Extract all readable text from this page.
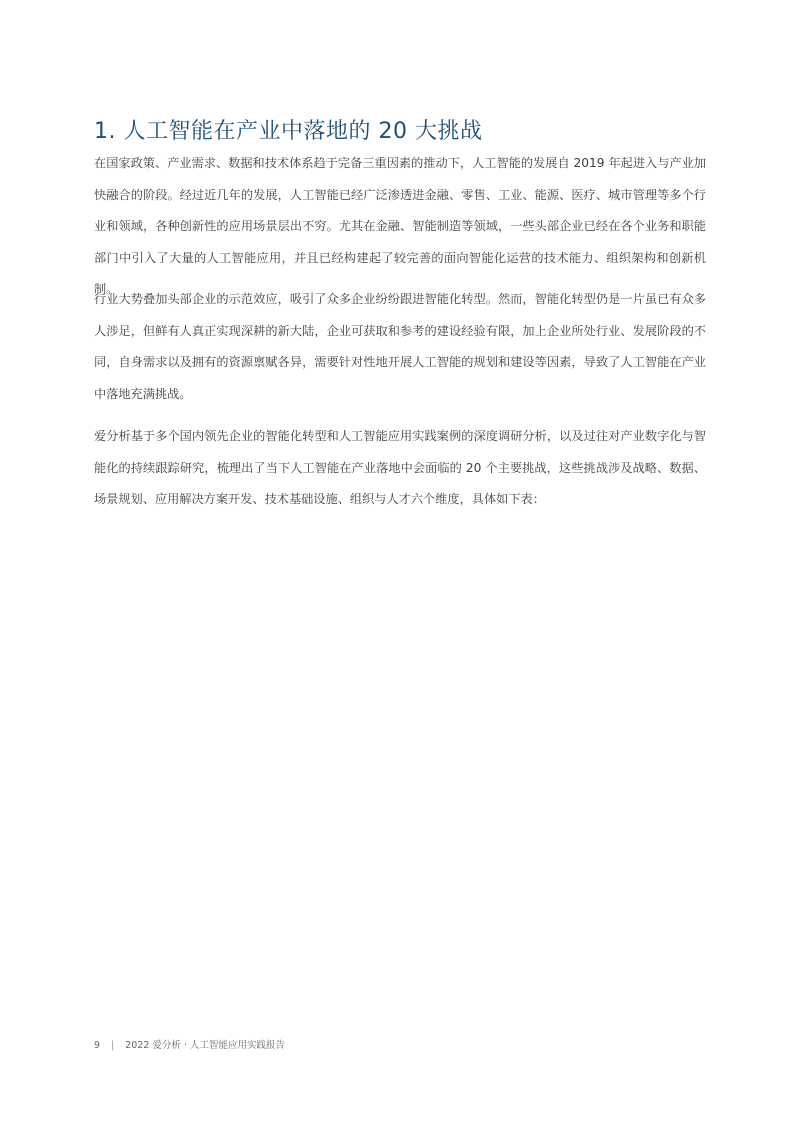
1. 人工智能在产业中落地的 20 大挑战

在国家政策、产业需求、数据和技术体系趋于完备三重因素的推动下，人工智能的发展自 2019 年起进入与产业加快融合的阶段。经过近几年的发展，人工智能已经广泛渗透进金融、零售、工业、能源、医疗、城市管理等多个行业和领域，各种创新性的应用场景层出不穷。尤其在金融、智能制造等领域，一些头部企业已经在各个业务和职能部门中引入了大量的人工智能应用，并且已经构建起了较完善的面向智能化运营的技术能力、组织架构和创新机制。

行业大势叠加头部企业的示范效应，吸引了众多企业纷纷跟进智能化转型。然而，智能化转型仍是一片虽已有众多人涉足，但鲜有人真正实现深耕的新大陆，企业可获取和参考的建设经验有限，加上企业所处行业、发展阶段的不同，自身需求以及拥有的资源禀赋各异，需要针对性地开展人工智能的规划和建设等因素，导致了人工智能在产业中落地充满挑战。

爱分析基于多个国内领先企业的智能化转型和人工智能应用实践案例的深度调研分析，以及过往对产业数字化与智能化的持续跟踪研究，梳理出了当下人工智能在产业落地中会面临的 20 个主要挑战，这些挑战涉及战略、数据、场景规划、应用解决方案开发、技术基础设施、组织与人才六个维度，具体如下表：

9 | 2022 爱分析 · 人工智能应用实践报告
